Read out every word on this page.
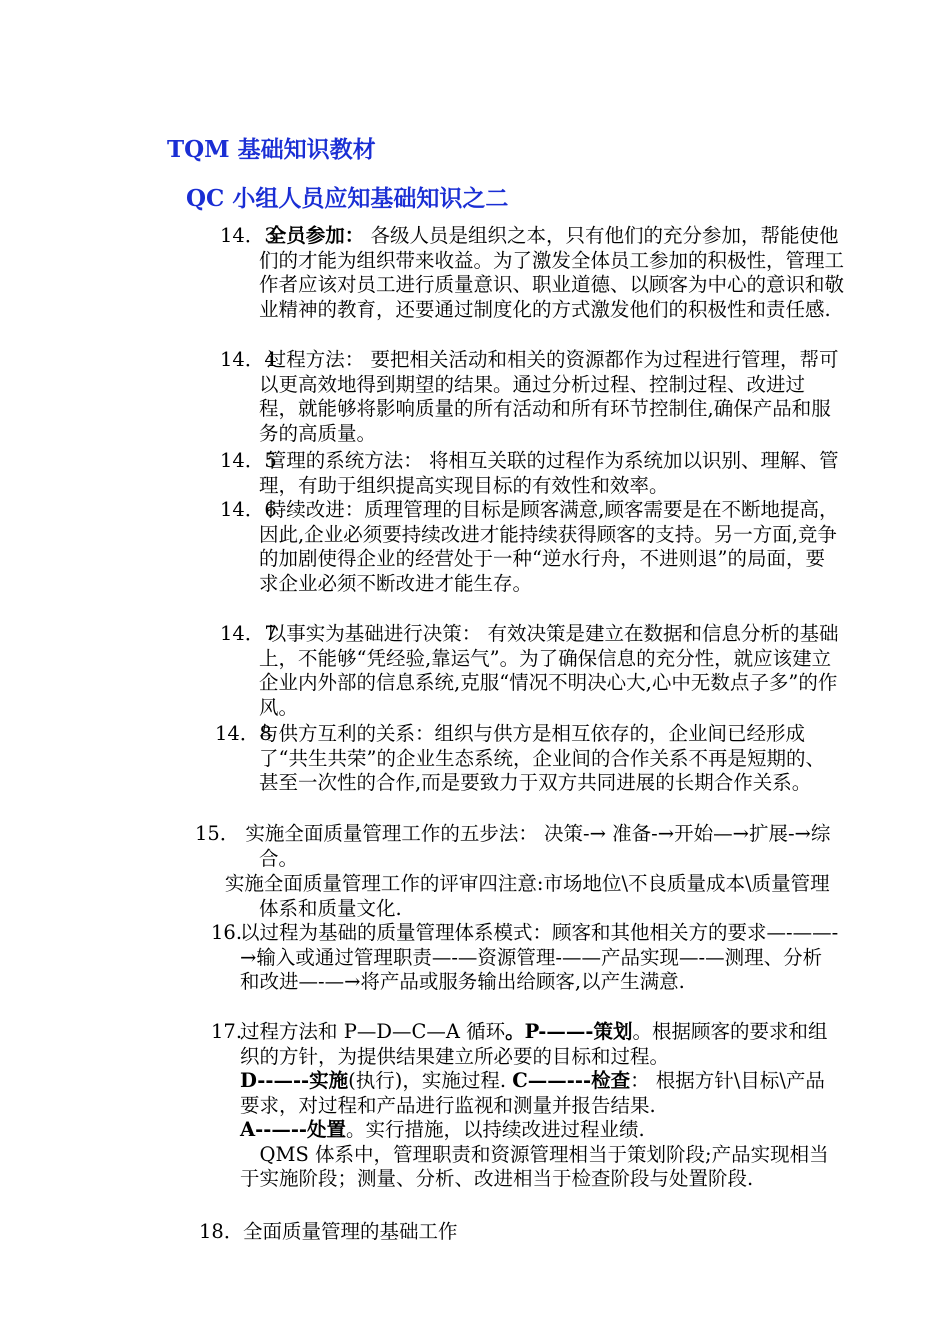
TQM 基础知识教材
QC 小组人员应知基础知识之二
14．3
全员参加： 各级人员是组织之本，只有他们的充分参加，帮能使他们的才能为组织带来收益。为了激发全体员工参加的积极性，管理工作者应该对员工进行质量意识、职业道德、以顾客为中心的意识和敬业精神的教育，还要通过制度化的方式激发他们的积极性和责任感.
14．4
过程方法： 要把相关活动和相关的资源都作为过程进行管理，帮可以更高效地得到期望的结果。通过分析过程、控制过程、改进过程，就能够将影响质量的所有活动和所有环节控制住,确保产品和服务的高质量。
14．5
管理的系统方法： 将相互关联的过程作为系统加以识别、理解、管理，有助于组织提高实现目标的有效性和效率。
14．6
持续改进：质理管理的目标是顾客满意,顾客需要是在不断地提高，因此,企业必须要持续改进才能持续获得顾客的支持。另一方面,竞争的加剧使得企业的经营处于一种“逆水行舟，不进则退”的局面，要求企业必须不断改进才能生存。
14．7
以事实为基础进行决策： 有效决策是建立在数据和信息分析的基础上，不能够“凭经验,靠运气”。为了确保信息的充分性，就应该建立企业内外部的信息系统,克服“情况不明决心大,心中无数点子多”的作风。
14．8
与供方互利的关系：组织与供方是相互依存的，企业间已经形成了“共生共荣”的企业生态系统，企业间的合作关系不再是短期的、甚至一次性的合作,而是要致力于双方共同进展的长期合作关系。
15． 实施全面质量管理工作的五步法： 决策-→ 准备-→开始—→扩展-→综合。
实施全面质量管理工作的评审四注意:市场地位\不良质量成本\质量管理体系和质量文化.
16.
以过程为基础的质量管理体系模式：顾客和其他相关方的要求—-——-→输入或通过管理职责—-—资源管理-——产品实现—-—测理、分析和改进—-—→将产品或服务输出给顾客,以产生满意.
17.
过程方法和 P—D—C—A 循环。P-——-策划。根据顾客的要求和组织的方针，为提供结果建立所必要的目标和过程。
D--—--实施(执行)，实施过程. C——---检查： 根据方针\目标\产品要求，对过程和产品进行监视和测量并报告结果.
A--—--处置。实行措施，以持续改进过程业绩.
QMS 体系中，管理职责和资源管理相当于策划阶段;产品实现相当于实施阶段；测量、分析、改进相当于检查阶段与处置阶段.
18． 全面质量管理的基础工作
